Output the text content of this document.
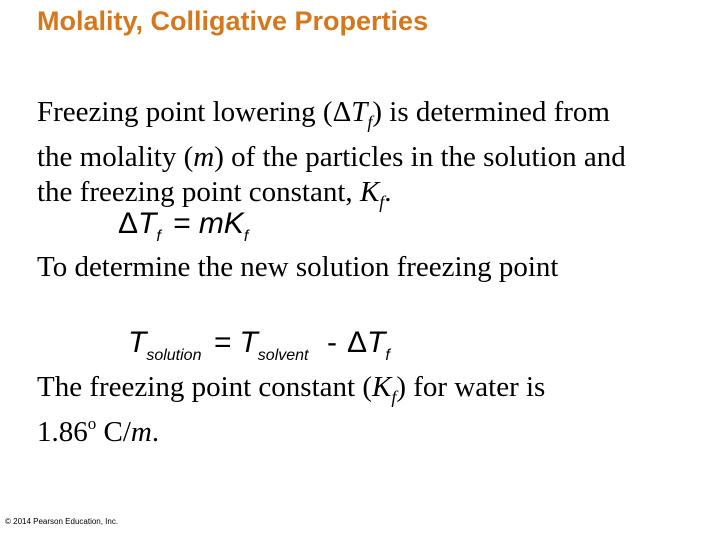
Molality, Colligative Properties
Freezing point lowering $(\Delta T_f)$ is determined from
the molality (m) of the particles in the solution and
the freezing point constant, $K_f$.
ΔTf = mKf
To determine the new solution freezing point
Tsolution = Tsolvent - ΔTf
The freezing point constant $(K_f)$ for water is
1.86$^o$ C/m.
© 2014 Pearson Education, Inc.
